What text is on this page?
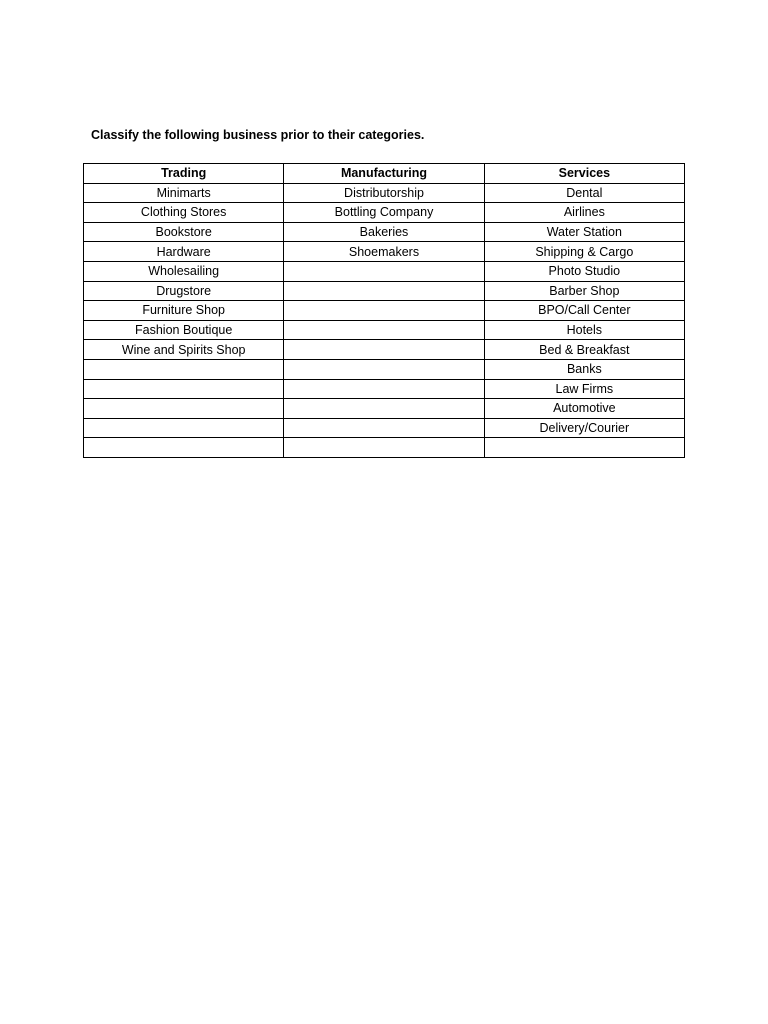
Classify the following business prior to their categories.
Trading	Manufacturing	Services
Minimarts	Distributorship	Dental
Clothing Stores	Bottling Company	Airlines
Bookstore	Bakeries	Water Station
Hardware	Shoemakers	Shipping & Cargo
Wholesailing		Photo Studio
Drugstore		Barber Shop
Furniture Shop		BPO/Call Center
Fashion Boutique		Hotels
Wine and Spirits Shop		Bed & Breakfast
		Banks
		Law Firms
		Automotive
		Delivery/Courier
